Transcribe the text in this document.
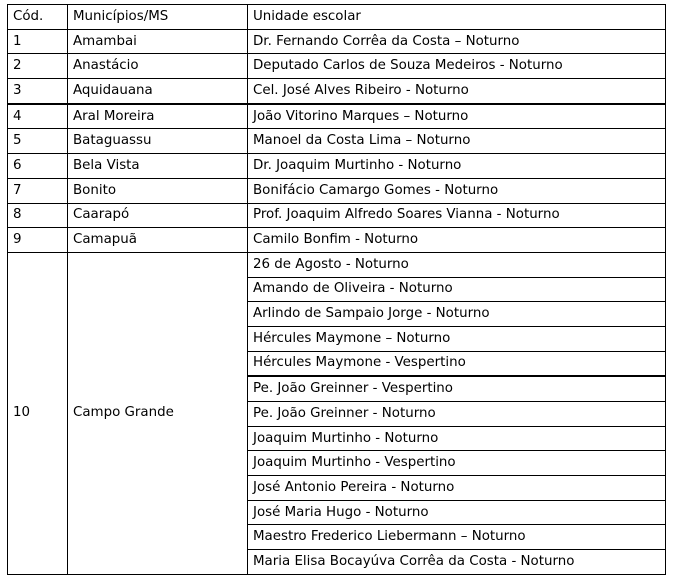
Cód.	Municípios/MS	Unidade escolar
1	Amambai	Dr. Fernando Corrêa da Costa – Noturno
2	Anastácio	Deputado Carlos de Souza Medeiros - Noturno
3	Aquidauana	Cel. José Alves Ribeiro - Noturno
4	Aral Moreira	João Vitorino Marques – Noturno
5	Bataguassu	Manoel da Costa Lima – Noturno
6	Bela Vista	Dr. Joaquim Murtinho - Noturno
7	Bonito	Bonifácio Camargo Gomes - Noturno
8	Caarapó	Prof. Joaquim Alfredo Soares Vianna - Noturno
9	Camapuã	Camilo Bonfim - Noturno
10	Campo Grande	26 de Agosto - Noturno
		Amando de Oliveira - Noturno
		Arlindo de Sampaio Jorge - Noturno
		Hércules Maymone – Noturno
		Hércules Maymone - Vespertino
		Pe. João Greinner - Vespertino
		Pe. João Greinner - Noturno
		Joaquim Murtinho - Noturno
		Joaquim Murtinho - Vespertino
		José Antonio Pereira - Noturno
		José Maria Hugo - Noturno
		Maestro Frederico Liebermann – Noturno
		Maria Elisa Bocayúva Corrêa da Costa - Noturno
